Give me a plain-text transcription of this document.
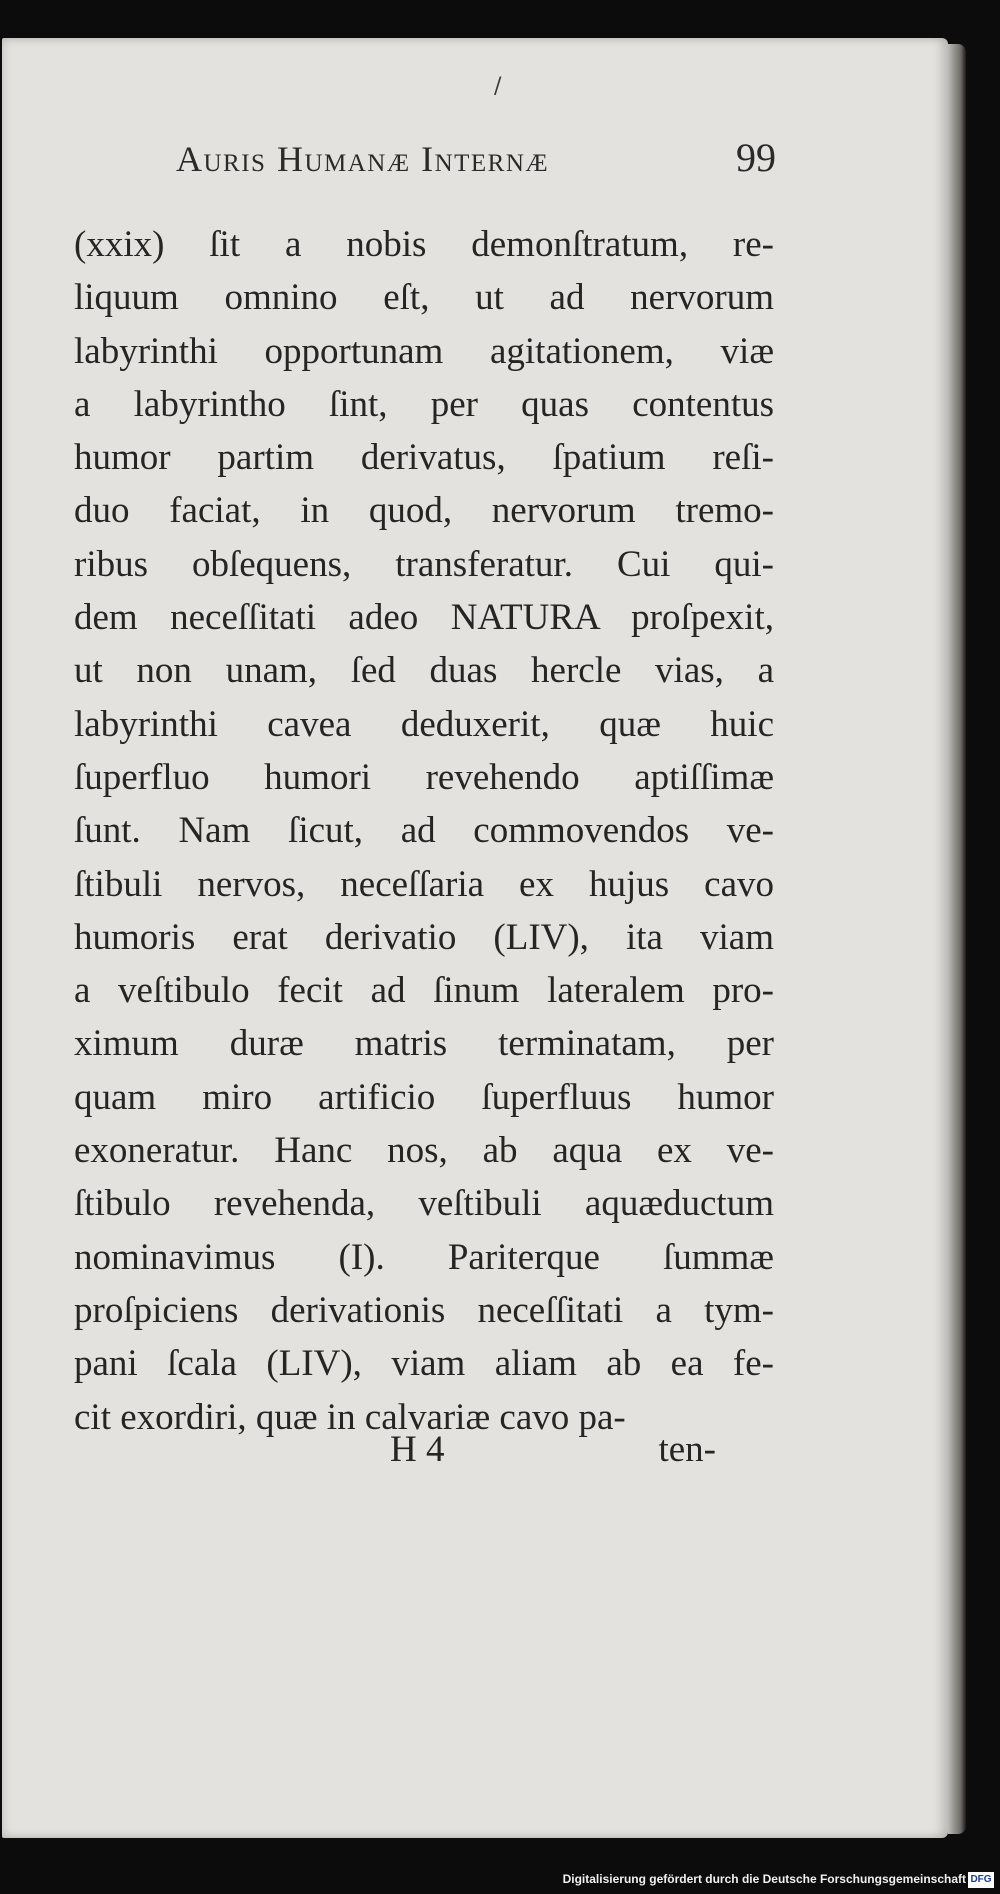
/
Auris Humanæ Internæ	99
(xxix) ſit a nobis demonſtratum, re-
liquum omnino eſt, ut ad nervorum
labyrinthi opportunam agitationem, viæ
a labyrintho ſint, per quas contentus
humor partim derivatus, ſpatium reſi-
duo faciat, in quod, nervorum tremo-
ribus obſequens, transferatur. Cui qui-
dem neceſſitati adeo NATURA proſpexit,
ut non unam, ſed duas hercle vias, a
labyrinthi cavea deduxerit, quæ huic
ſuperfluo humori revehendo aptiſſimæ
ſunt. Nam ſicut, ad commovendos ve-
ſtibuli nervos, neceſſaria ex hujus cavo
humoris erat derivatio (LIV), ita viam
a veſtibulo fecit ad ſinum lateralem pro-
ximum duræ matris terminatam, per
quam miro artificio ſuperfluus humor
exoneratur. Hanc nos, ab aqua ex ve-
ſtibulo revehenda, veſtibuli aquæductum
nominavimus (I). Pariterque ſummæ
proſpiciens derivationis neceſſitati a tym-
pani ſcala (LIV), viam aliam ab ea fe-
cit exordiri, quæ in calvariæ cavo pa-
H 4	ten-
Digitalisierung gefördert durch die Deutsche Forschungsgemeinschaft DFG
